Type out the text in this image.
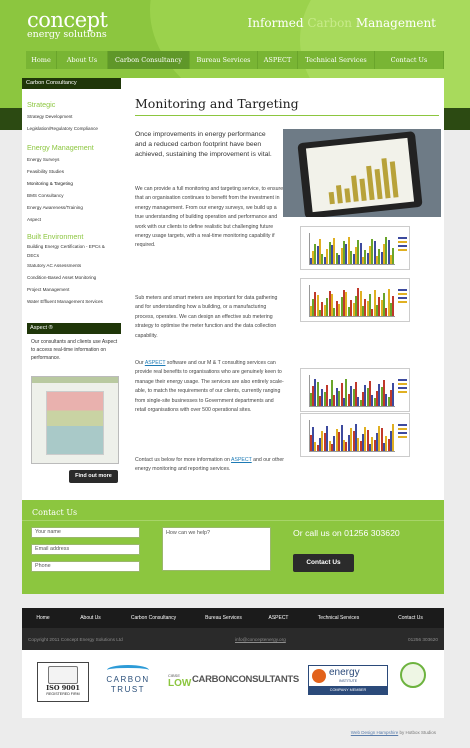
concept
energy solutions
Informed Carbon Management
Home	About Us	Carbon Consultancy	Bureau Services	ASPECT	Technical Services	Contact Us
Carbon Consultancy
Strategic
Strategy Development
Legislation/Regulatory Compliance
Energy Management
Energy Surveys
Feasibility Studies
Monitoring & Targeting
BMS Consultancy
Energy Awareness/Training
Aspect
Built Environment
Building Energy Certification - EPCs &
DECs
Statutory AC Assessments
Condition-Based Asset Monitoring
Project Management
Water Effluent Management Services
Aspect ®
Our consultants and clients use Aspect to access real-time information on performance.
Find out more
Monitoring and Targeting
Once improvements in energy performance and a reduced carbon footprint have been achieved, sustaining the improvement is vital.
We can provide a full monitoring and targeting service, to ensure that an organisation continues to benefit from the investment in energy management. From our energy surveys, we build up a true understanding of building operation and performance and work with our clients to define realistic but challenging future energy usage targets, with a real-time monitoring capability if required.
Sub meters and smart meters are important for data gathering and for understanding how a building, or a manufacturing process, operates. We can design an effective sub metering strategy to optimise the meter function and the data collection capability.
Our ASPECT software and our M & T consulting services can provide real benefits to organisations who are genuinely keen to manage their energy usage. The services are also entirely scale-able, to match the requirements of our clients, currently ranging from single-site businesses to Government departments and retail organisations with over 500 operational sites.
Contact us below for more information on ASPECT and our other energy monitoring and reporting services.
Contact Us
Your name
Email address
Phone
How can we help?	Or call us on 01256 303620
Contact Us
Home	About Us	Carbon Consultancy	Bureau Services	ASPECT	Technical Services	Contact Us
Copyright 2011 Concept Energy Solutions Ltd	info@conceptenergy.org	01256 303620
ISO 9001
REGISTERED FIRM
CARBON
TRUST
CIBSE
LOW CARBONCONSULTANTS
energy
INSTITUTE
COMPANY MEMBER
Web Design Hampshire by Hotbox Studios
